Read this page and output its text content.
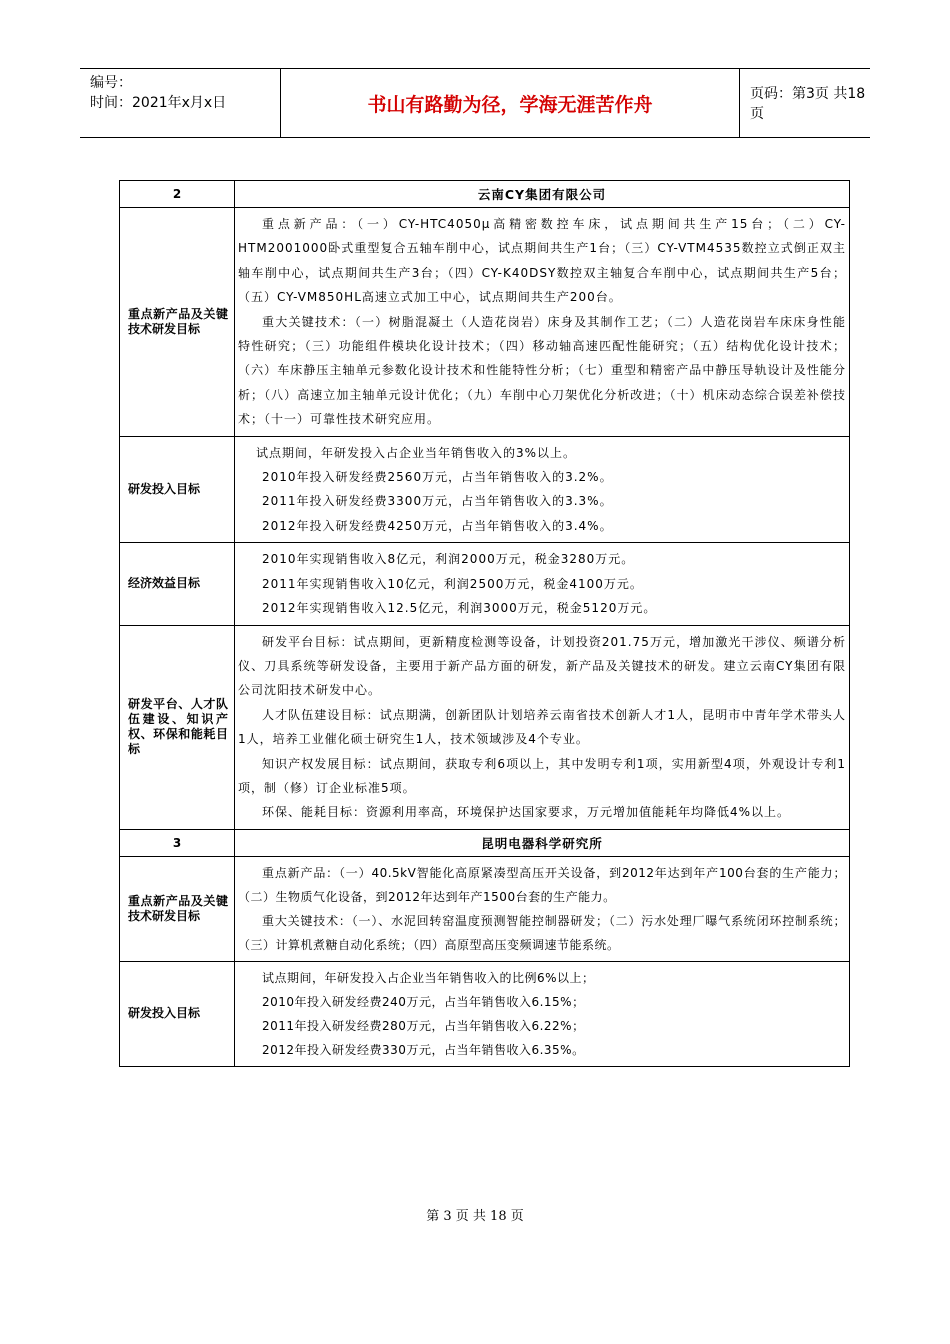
编号：
时间：2021年x月x日	书山有路勤为径，学海无涯苦作舟	页码：第3页 共18页
2	云南CY集团有限公司
重点新产品及关键技术研发目标	重点新产品：（一）CY-HTC4050μ高精密数控车床，试点期间共生产15台；（二）CY-HTM2001000卧式重型复合五轴车削中心，试点期间共生产1台；（三）CY-VTM4535数控立式倒正双主轴车削中心，试点期间共生产3台；（四）CY-K40DSY数控双主轴复合车削中心，试点期间共生产5台；（五）CY-VM850HL高速立式加工中心，试点期间共生产200台。

重大关键技术：（一）树脂混凝土（人造花岗岩）床身及其制作工艺；（二）人造花岗岩车床床身性能特性研究；（三）功能组件模块化设计技术；（四）移动轴高速匹配性能研究；（五）结构优化设计技术；（六）车床静压主轴单元参数化设计技术和性能特性分析；（七）重型和精密产品中静压导轨设计及性能分析；（八）高速立加主轴单元设计优化；（九）车削中心刀架优化分析改进；（十）机床动态综合误差补偿技术；（十一）可靠性技术研究应用。

研发投入目标	试点期间，年研发投入占企业当年销售收入的3%以上。

2010年投入研发经费2560万元，占当年销售收入的3.2%。

2011年投入研发经费3300万元，占当年销售收入的3.3%。

2012年投入研发经费4250万元，占当年销售收入的3.4%。

经济效益目标	2010年实现销售收入8亿元，利润2000万元，税金3280万元。

2011年实现销售收入10亿元，利润2500万元，税金4100万元。

2012年实现销售收入12.5亿元，利润3000万元，税金5120万元。

研发平台、人才队伍建设、知识产权、环保和能耗目标	研发平台目标：试点期间，更新精度检测等设备，计划投资201.75万元，增加激光干涉仪、频谱分析仪、刀具系统等研发设备，主要用于新产品方面的研发，新产品及关键技术的研发。建立云南CY集团有限公司沈阳技术研发中心。

人才队伍建设目标：试点期满，创新团队计划培养云南省技术创新人才1人，昆明市中青年学术带头人1人，培养工业催化硕士研究生1人，技术领域涉及4个专业。

知识产权发展目标：试点期间，获取专利6项以上，其中发明专利1项，实用新型4项，外观设计专利1项，制（修）订企业标准5项。

环保、能耗目标：资源利用率高，环境保护达国家要求，万元增加值能耗年均降低4%以上。

3	昆明电器科学研究所
重点新产品及关键技术研发目标	重点新产品：（一）40.5kV智能化高原紧凑型高压开关设备，到2012年达到年产100台套的生产能力；（二）生物质气化设备，到2012年达到年产1500台套的生产能力。

重大关键技术：（一）、水泥回转窑温度预测智能控制器研发；（二）污水处理厂曝气系统闭环控制系统；（三）计算机煮糖自动化系统；（四）高原型高压变频调速节能系统。

研发投入目标	试点期间，年研发投入占企业当年销售收入的比例6%以上；

2010年投入研发经费240万元，占当年销售收入6.15%；

2011年投入研发经费280万元，占当年销售收入6.22%；

2012年投入研发经费330万元，占当年销售收入6.35%。

第 3 页 共 18 页
